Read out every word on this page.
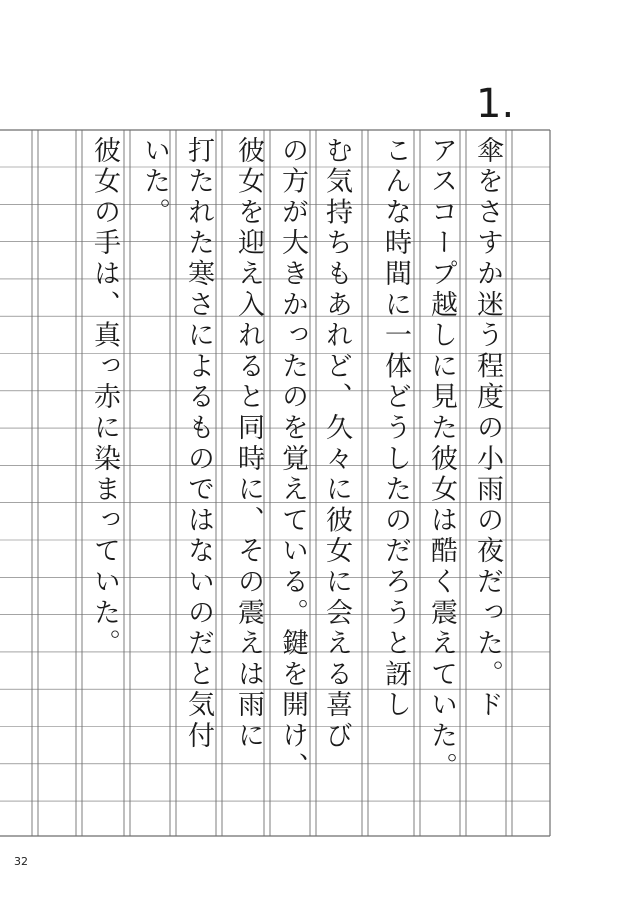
1.
傘をさすか迷う程度の小雨の夜だった。ド
アスコープ越しに見た彼女は酷く震えていた。
こんな時間に一体どうしたのだろうと訝し
む気持ちもあれど、久々に彼女に会える喜び
の方が大きかったのを覚えている。鍵を開け、
彼女を迎え入れると同時に、その震えは雨に
打たれた寒さによるものではないのだと気付
いた。
彼女の手は、真っ赤に染まっていた。
32
